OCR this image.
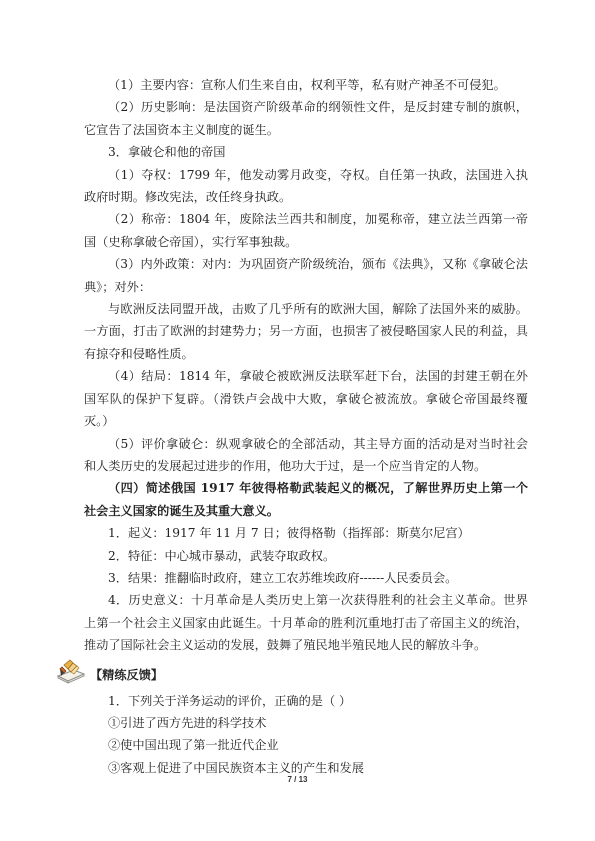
（1）主要内容：宣称人们生来自由，权利平等，私有财产神圣不可侵犯。

（2）历史影响：是法国资产阶级革命的纲领性文件，是反封建专制的旗帜，它宣告了法国资本主义制度的诞生。

3．拿破仑和他的帝国

（1）夺权：1799 年，他发动雾月政变，夺权。自任第一执政，法国进入执政府时期。修改宪法，改任终身执政。

（2）称帝：1804 年，废除法兰西共和制度，加冕称帝，建立法兰西第一帝国（史称拿破仑帝国），实行军事独裁。

（3）内外政策：对内：为巩固资产阶级统治，颁布《法典》，又称《拿破仑法典》；对外：

与欧洲反法同盟开战，击败了几乎所有的欧洲大国，解除了法国外来的威胁。一方面，打击了欧洲的封建势力；另一方面，也损害了被侵略国家人民的利益，具有掠夺和侵略性质。

（4）结局：1814 年，拿破仑被欧洲反法联军赶下台，法国的封建王朝在外国军队的保护下复辟。（滑铁卢会战中大败，拿破仑被流放。拿破仑帝国最终覆灭。）

（5）评价拿破仑：纵观拿破仑的全部活动，其主导方面的活动是对当时社会和人类历史的发展起过进步的作用，他功大于过，是一个应当肯定的人物。

（四）简述俄国 1917 年彼得格勒武装起义的概况，了解世界历史上第一个社会主义国家的诞生及其重大意义。

1．起义：1917 年 11 月 7 日；彼得格勒（指挥部：斯莫尔尼宫）

2．特征：中心城市暴动，武装夺取政权。

3．结果：推翻临时政府，建立工农苏维埃政府------人民委员会。

4．历史意义：十月革命是人类历史上第一次获得胜利的社会主义革命。世界上第一个社会主义国家由此诞生。十月革命的胜利沉重地打击了帝国主义的统治，推动了国际社会主义运动的发展，鼓舞了殖民地半殖民地人民的解放斗争。

【精练反馈】

1．下列关于洋务运动的评价，正确的是（ ）

①引进了西方先进的科学技术

②使中国出现了第一批近代企业

③客观上促进了中国民族资本主义的产生和发展

7 / 13
